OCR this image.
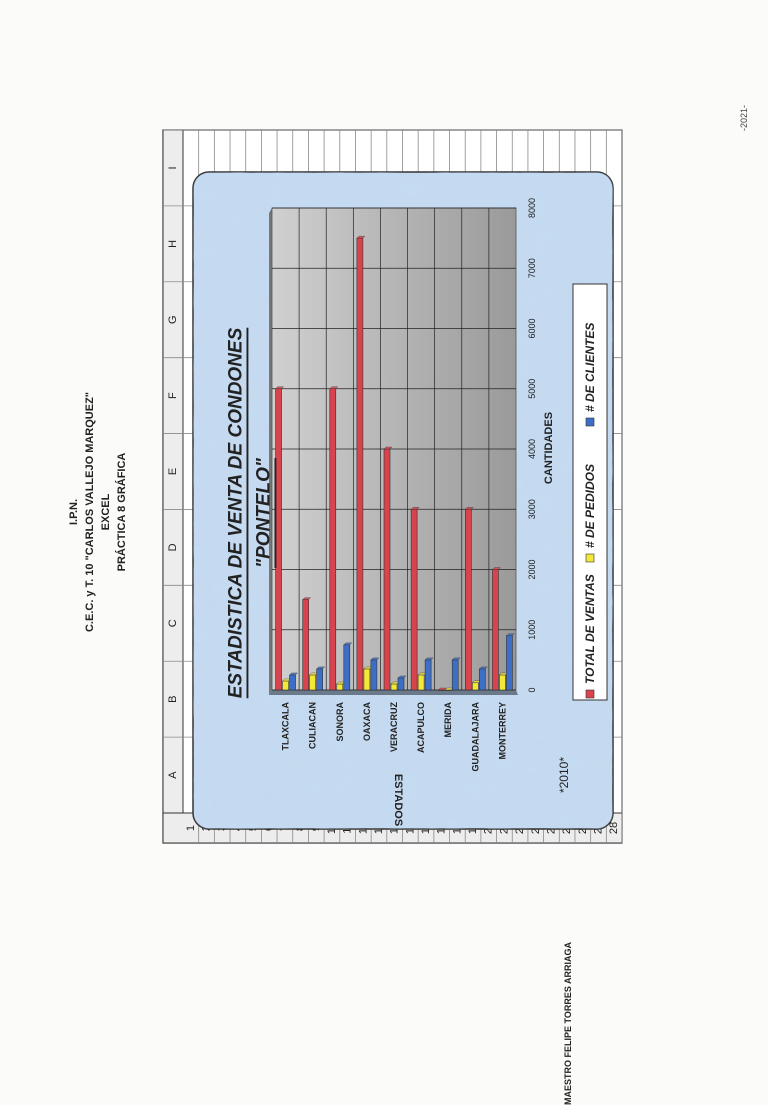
I.P.N. C.E.C. y T. 10 "CARLOS VALLEJO MARQUEZ" EXCEL PRÁCTICA 8 GRÁFICA
MAESTRO FELIPE TORRES ARRIAGA
-2021-
A
B
C
D
E
F
G
H
I
1	28
0
1000
2000
3000
4000
5000
6000
7000
8000
TLAXCALA CULIACAN SONORA OAXACA VERACRUZ ACAPULCO MERIDA GUADALAJARA MONTERREY
ESTADISTICA DE VENTA DE CONDONES "PONTELO"
CANTIDADES
ESTADOS	*2010*
TOTAL DE VENTAS
# DE PEDIDOS
# DE CLIENTES
